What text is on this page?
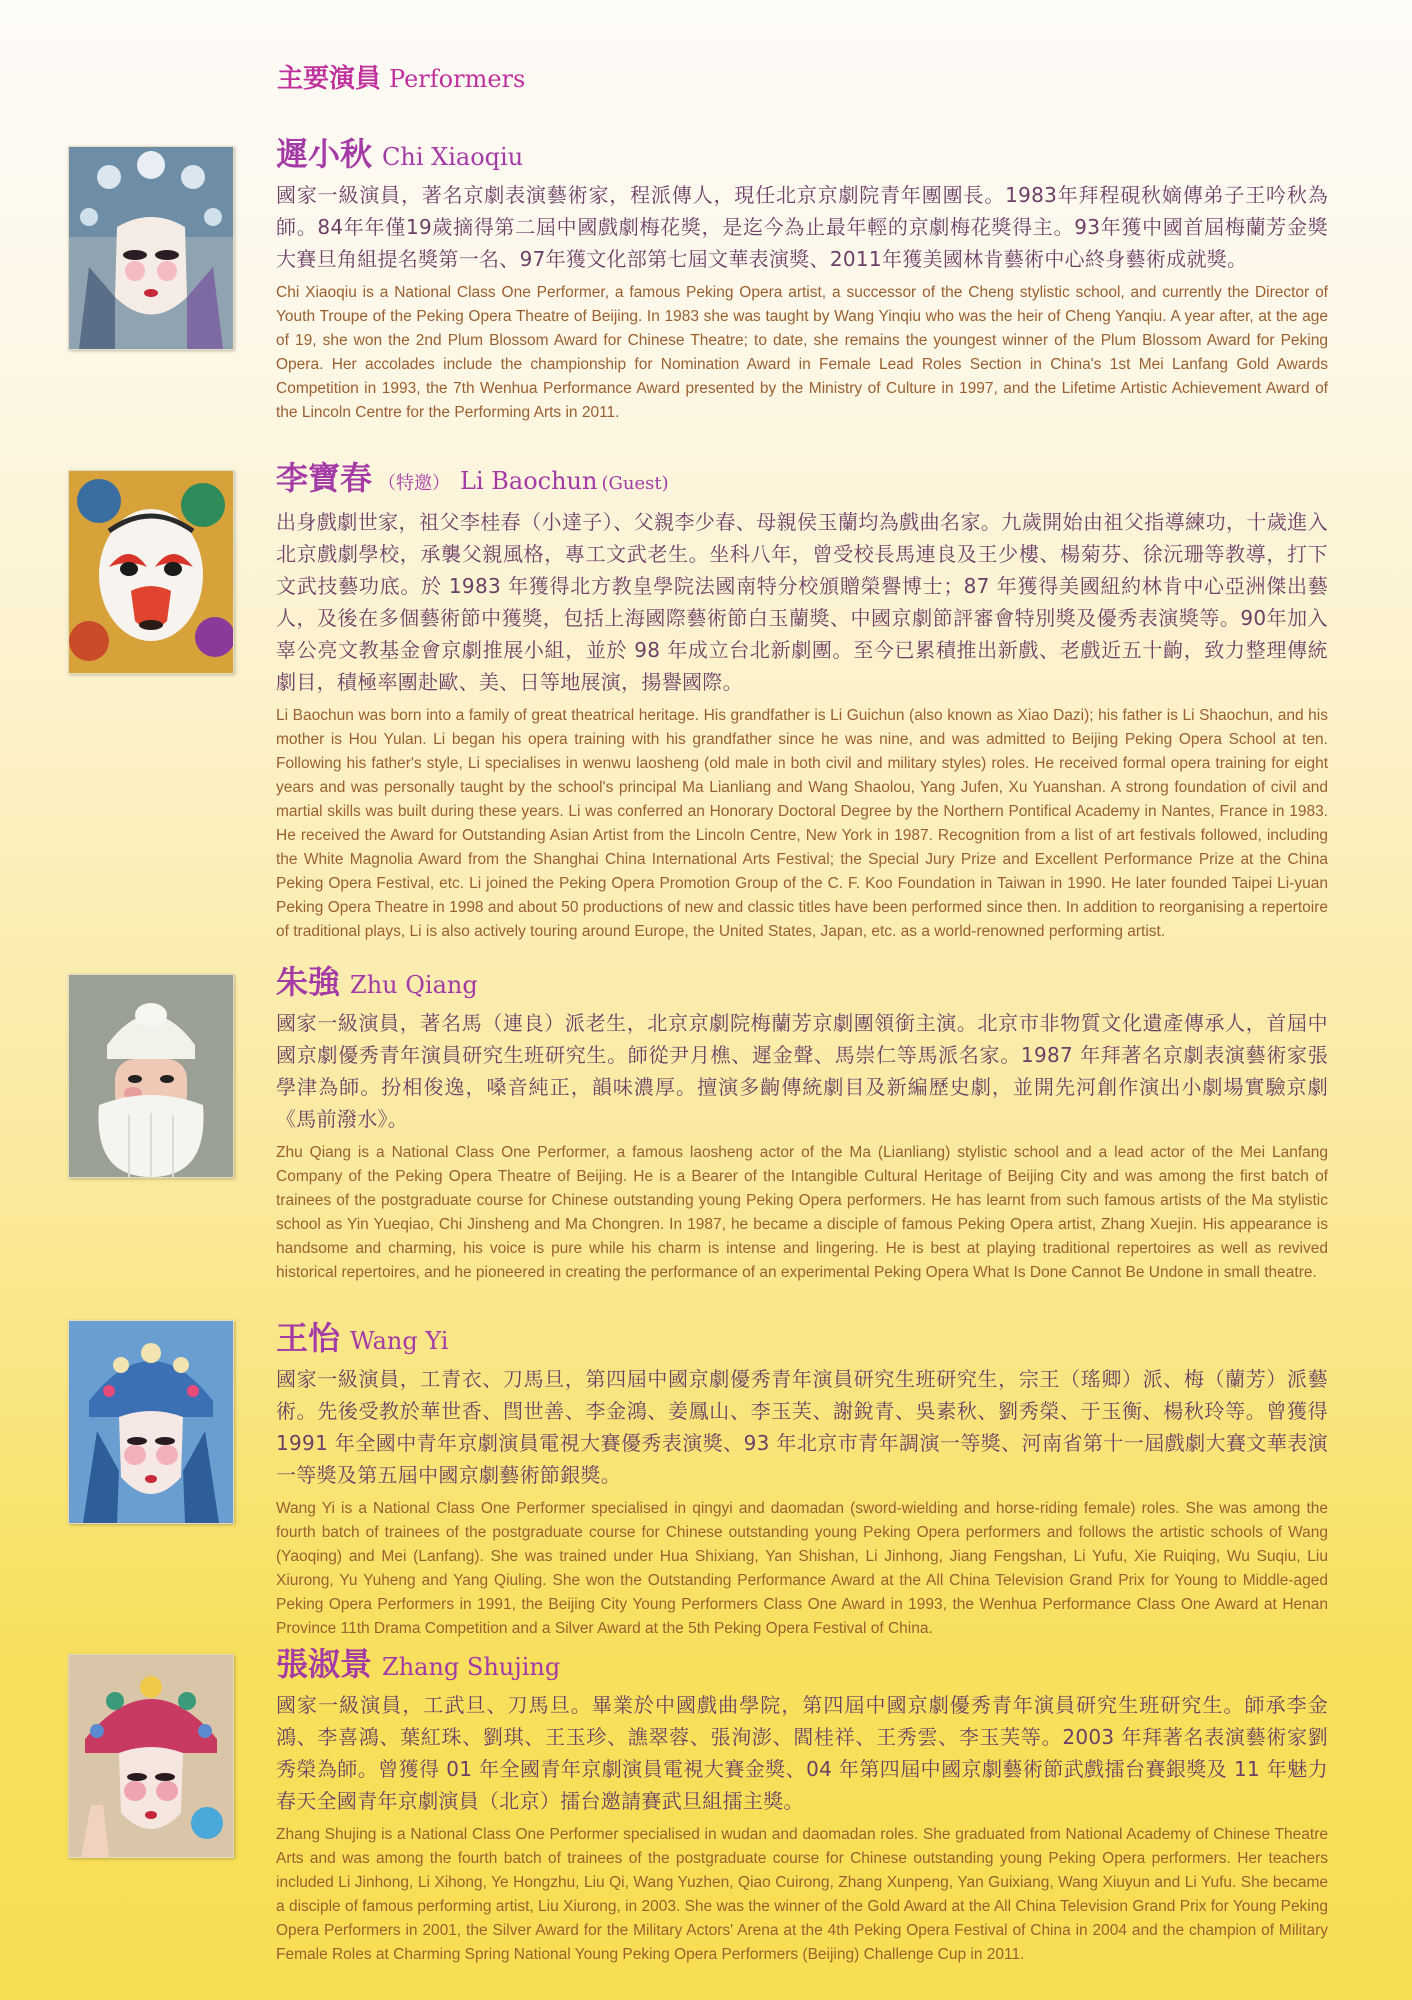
主要演員 Performers
遲小秋 Chi Xiaoqiu

國家一級演員，著名京劇表演藝術家，程派傳人，現任北京京劇院青年團團長。1983年拜程硯秋嫡傳弟子王吟秋為師。84年年僅19歲摘得第二屆中國戲劇梅花獎，是迄今為止最年輕的京劇梅花獎得主。93年獲中國首屆梅蘭芳金獎大賽旦角組提名獎第一名、97年獲文化部第七屆文華表演獎、2011年獲美國林肯藝術中心終身藝術成就獎。

Chi Xiaoqiu is a National Class One Performer, a famous Peking Opera artist, a successor of the Cheng stylistic school, and currently the Director of Youth Troupe of the Peking Opera Theatre of Beijing. In 1983 she was taught by Wang Yinqiu who was the heir of Cheng Yanqiu. A year after, at the age of 19, she won the 2nd Plum Blossom Award for Chinese Theatre; to date, she remains the youngest winner of the Plum Blossom Award for Peking Opera. Her accolades include the championship for Nomination Award in Female Lead Roles Section in China's 1st Mei Lanfang Gold Awards Competition in 1993, the 7th Wenhua Performance Award presented by the Ministry of Culture in 1997, and the Lifetime Artistic Achievement Award of the Lincoln Centre for the Performing Arts in 2011.

李寶春 （特邀） Li Baochun (Guest)

出身戲劇世家，祖父李桂春（小達子）、父親李少春、母親侯玉蘭均為戲曲名家。九歲開始由祖父指導練功，十歲進入北京戲劇學校，承襲父親風格，專工文武老生。坐科八年，曾受校長馬連良及王少樓、楊菊芬、徐沅珊等教導，打下文武技藝功底。於 1983 年獲得北方教皇學院法國南特分校頒贈榮譽博士；87 年獲得美國紐約林肯中心亞洲傑出藝人，及後在多個藝術節中獲獎，包括上海國際藝術節白玉蘭獎、中國京劇節評審會特別獎及優秀表演獎等。90年加入辜公亮文教基金會京劇推展小組，並於 98 年成立台北新劇團。至今已累積推出新戲、老戲近五十齣，致力整理傳統劇目，積極率團赴歐、美、日等地展演，揚譽國際。

Li Baochun was born into a family of great theatrical heritage. His grandfather is Li Guichun (also known as Xiao Dazi); his father is Li Shaochun, and his mother is Hou Yulan. Li began his opera training with his grandfather since he was nine, and was admitted to Beijing Peking Opera School at ten. Following his father's style, Li specialises in wenwu laosheng (old male in both civil and military styles) roles. He received formal opera training for eight years and was personally taught by the school's principal Ma Lianliang and Wang Shaolou, Yang Jufen, Xu Yuanshan. A strong foundation of civil and martial skills was built during these years. Li was conferred an Honorary Doctoral Degree by the Northern Pontifical Academy in Nantes, France in 1983. He received the Award for Outstanding Asian Artist from the Lincoln Centre, New York in 1987. Recognition from a list of art festivals followed, including the White Magnolia Award from the Shanghai China International Arts Festival; the Special Jury Prize and Excellent Performance Prize at the China Peking Opera Festival, etc. Li joined the Peking Opera Promotion Group of the C. F. Koo Foundation in Taiwan in 1990. He later founded Taipei Li-yuan Peking Opera Theatre in 1998 and about 50 productions of new and classic titles have been performed since then. In addition to reorganising a repertoire of traditional plays, Li is also actively touring around Europe, the United States, Japan, etc. as a world-renowned performing artist.

朱強 Zhu Qiang

國家一級演員，著名馬（連良）派老生，北京京劇院梅蘭芳京劇團領銜主演。北京市非物質文化遺產傳承人，首屆中國京劇優秀青年演員研究生班研究生。師從尹月樵、遲金聲、馬崇仁等馬派名家。1987 年拜著名京劇表演藝術家張學津為師。扮相俊逸，嗓音純正，韻味濃厚。擅演多齣傳統劇目及新編歷史劇，並開先河創作演出小劇場實驗京劇《馬前潑水》。

Zhu Qiang is a National Class One Performer, a famous laosheng actor of the Ma (Lianliang) stylistic school and a lead actor of the Mei Lanfang Company of the Peking Opera Theatre of Beijing. He is a Bearer of the Intangible Cultural Heritage of Beijing City and was among the first batch of trainees of the postgraduate course for Chinese outstanding young Peking Opera performers. He has learnt from such famous artists of the Ma stylistic school as Yin Yueqiao, Chi Jinsheng and Ma Chongren. In 1987, he became a disciple of famous Peking Opera artist, Zhang Xuejin. His appearance is handsome and charming, his voice is pure while his charm is intense and lingering. He is best at playing traditional repertoires as well as revived historical repertoires, and he pioneered in creating the performance of an experimental Peking Opera What Is Done Cannot Be Undone in small theatre.

王怡 Wang Yi

國家一級演員，工青衣、刀馬旦，第四屆中國京劇優秀青年演員研究生班研究生，宗王（瑤卿）派、梅（蘭芳）派藝術。先後受教於華世香、閆世善、李金鴻、姜鳳山、李玉芙、謝銳青、吳素秋、劉秀榮、于玉衡、楊秋玲等。曾獲得 1991 年全國中青年京劇演員電視大賽優秀表演獎、93 年北京市青年調演一等獎、河南省第十一屆戲劇大賽文華表演一等獎及第五屆中國京劇藝術節銀獎。

Wang Yi is a National Class One Performer specialised in qingyi and daomadan (sword-wielding and horse-riding female) roles. She was among the fourth batch of trainees of the postgraduate course for Chinese outstanding young Peking Opera performers and follows the artistic schools of Wang (Yaoqing) and Mei (Lanfang). She was trained under Hua Shixiang, Yan Shishan, Li Jinhong, Jiang Fengshan, Li Yufu, Xie Ruiqing, Wu Suqiu, Liu Xiurong, Yu Yuheng and Yang Qiuling. She won the Outstanding Performance Award at the All China Television Grand Prix for Young to Middle-aged Peking Opera Performers in 1991, the Beijing City Young Performers Class One Award in 1993, the Wenhua Performance Class One Award at Henan Province 11th Drama Competition and a Silver Award at the 5th Peking Opera Festival of China.

張淑景 Zhang Shujing

國家一級演員，工武旦、刀馬旦。畢業於中國戲曲學院，第四屆中國京劇優秀青年演員研究生班研究生。師承李金鴻、李喜鴻、葉紅珠、劉琪、王玉珍、譙翠蓉、張洵澎、閻桂祥、王秀雲、李玉芙等。2003 年拜著名表演藝術家劉秀榮為師。曾獲得 01 年全國青年京劇演員電視大賽金獎、04 年第四屆中國京劇藝術節武戲擂台賽銀獎及 11 年魅力春天全國青年京劇演員（北京）擂台邀請賽武旦組擂主獎。

Zhang Shujing is a National Class One Performer specialised in wudan and daomadan roles. She graduated from National Academy of Chinese Theatre Arts and was among the fourth batch of trainees of the postgraduate course for Chinese outstanding young Peking Opera performers. Her teachers included Li Jinhong, Li Xihong, Ye Hongzhu, Liu Qi, Wang Yuzhen, Qiao Cuirong, Zhang Xunpeng, Yan Guixiang, Wang Xiuyun and Li Yufu. She became a disciple of famous performing artist, Liu Xiurong, in 2003. She was the winner of the Gold Award at the All China Television Grand Prix for Young Peking Opera Performers in 2001, the Silver Award for the Military Actors' Arena at the 4th Peking Opera Festival of China in 2004 and the champion of Military Female Roles at Charming Spring National Young Peking Opera Performers (Beijing) Challenge Cup in 2011.
